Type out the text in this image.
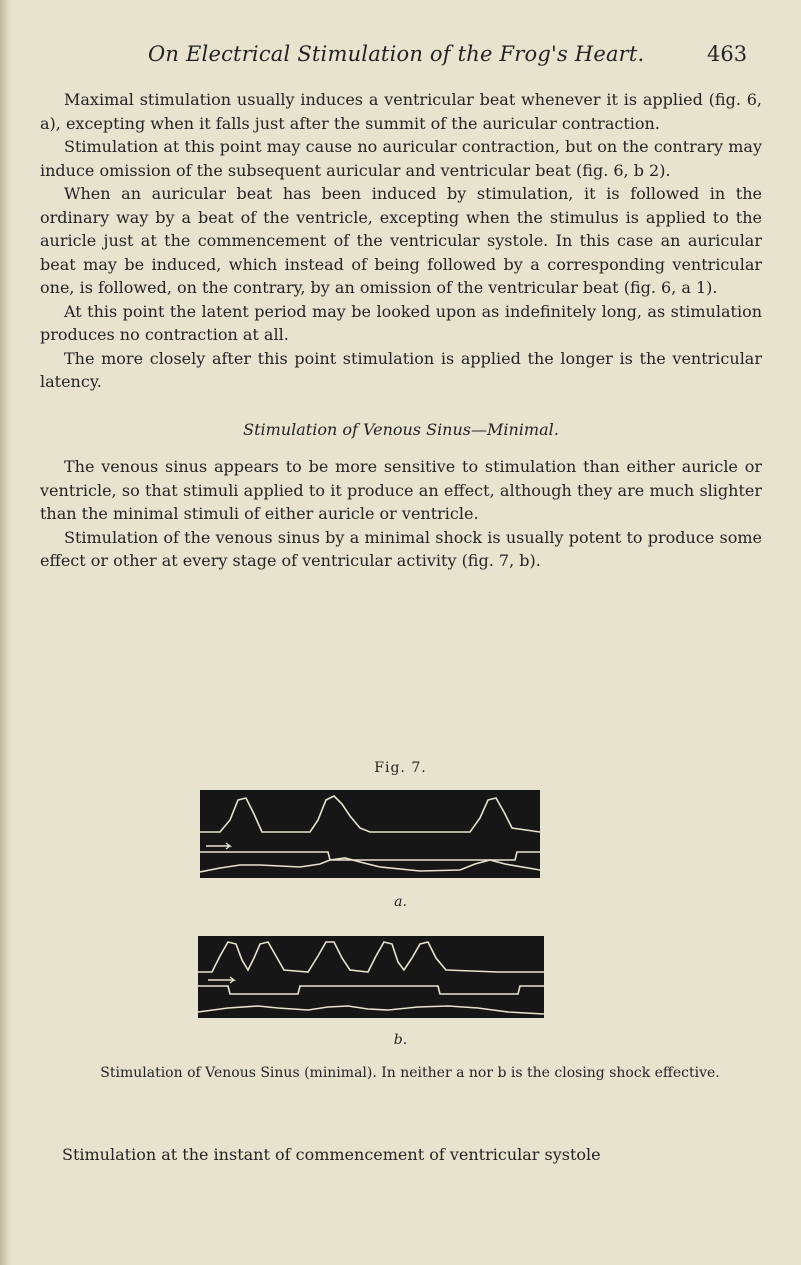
On Electrical Stimulation of the Frog's Heart.	463

Maximal stimulation usually induces a ventricular beat whenever it is applied (fig. 6, a), excepting when it falls just after the summit of the auricular contraction.

Stimulation at this point may cause no auricular contraction, but on the contrary may induce omission of the subsequent auricular and ventricular beat (fig. 6, b 2).

When an auricular beat has been induced by stimulation, it is followed in the ordinary way by a beat of the ventricle, excepting when the stimulus is applied to the auricle just at the commencement of the ventricular systole. In this case an auricular beat may be induced, which instead of being followed by a corresponding ventricular one, is followed, on the contrary, by an omission of the ventricular beat (fig. 6, a 1).

At this point the latent period may be looked upon as indefinitely long, as stimulation produces no contraction at all.

The more closely after this point stimulation is applied the longer is the ventricular latency.

Stimulation of Venous Sinus—Minimal.

The venous sinus appears to be more sensitive to stimulation than either auricle or ventricle, so that stimuli applied to it produce an effect, although they are much slighter than the minimal stimuli of either auricle or ventricle.

Stimulation of the venous sinus by a minimal shock is usually potent to produce some effect or other at every stage of ventricular activity (fig. 7, b).

Fig. 7.
a.
b.
Stimulation of Venous Sinus (minimal). In neither a nor b is the closing shock effective.
Stimulation at the instant of commencement of ventricular systole
